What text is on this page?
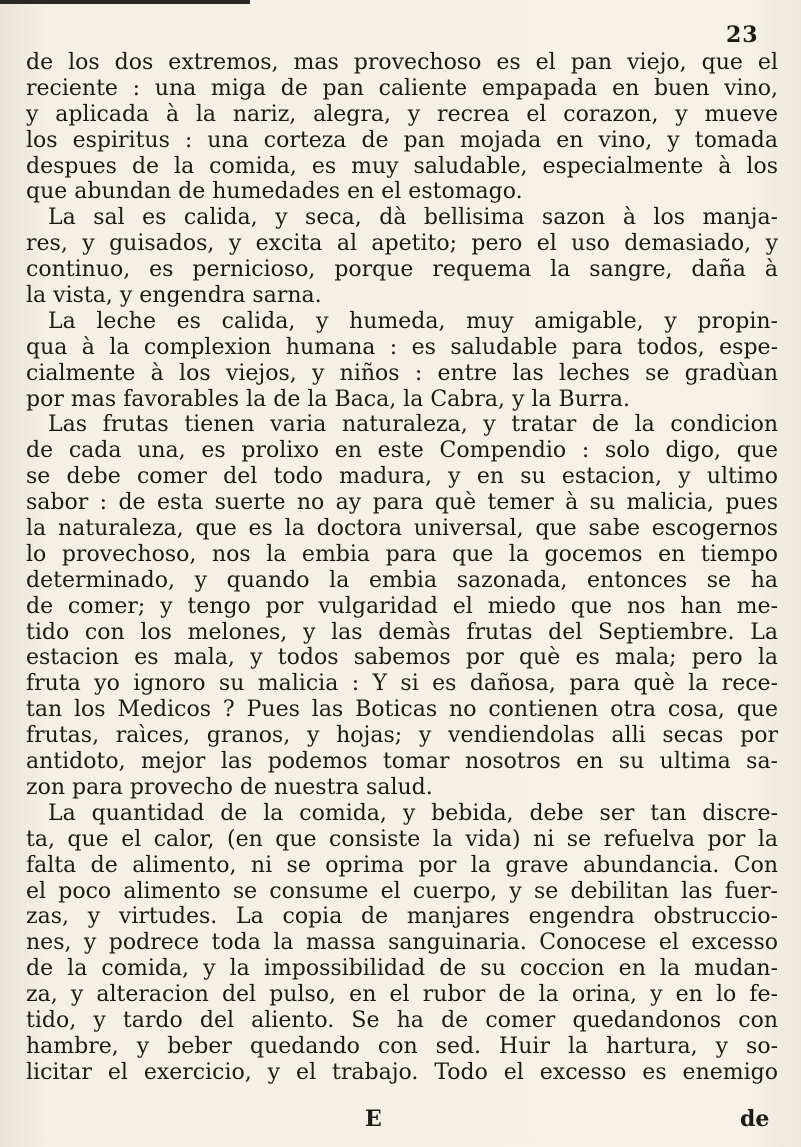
23
de los dos extremos, mas provechoso es el pan viejo, que el
reciente : una miga de pan caliente empapada en buen vino,
y aplicada à la nariz, alegra, y recrea el corazon, y mueve
los espiritus : una corteza de pan mojada en vino, y tomada
despues de la comida, es muy saludable, especialmente à los
que abundan de humedades en el estomago.
La sal es calida, y seca, dà bellisima sazon à los manja-
res, y guisados, y excita al apetito; pero el uso demasiado, y
continuo, es pernicioso, porque requema la sangre, daña à
la vista, y engendra sarna.
La leche es calida, y humeda, muy amigable, y propin-
qua à la complexion humana : es saludable para todos, espe-
cialmente à los viejos, y niños : entre las leches se gradùan
por mas favorables la de la Baca, la Cabra, y la Burra.
Las frutas tienen varia naturaleza, y tratar de la condicion
de cada una, es prolixo en este Compendio : solo digo, que
se debe comer del todo madura, y en su estacion, y ultimo
sabor : de esta suerte no ay para què temer à su malicia, pues
la naturaleza, que es la doctora universal, que sabe escogernos
lo provechoso, nos la embia para que la gocemos en tiempo
determinado, y quando la embia sazonada, entonces se ha
de comer; y tengo por vulgaridad el miedo que nos han me-
tido con los melones, y las demàs frutas del Septiembre. La
estacion es mala, y todos sabemos por què es mala; pero la
fruta yo ignoro su malicia : Y si es dañosa, para què la rece-
tan los Medicos ? Pues las Boticas no contienen otra cosa, que
frutas, raìces, granos, y hojas; y vendiendolas alli secas por
antidoto, mejor las podemos tomar nosotros en su ultima sa-
zon para provecho de nuestra salud.
La quantidad de la comida, y bebida, debe ser tan discre-
ta, que el calor, (en que consiste la vida) ni se refuelva por la
falta de alimento, ni se oprima por la grave abundancia. Con
el poco alimento se consume el cuerpo, y se debilitan las fuer-
zas, y virtudes. La copia de manjares engendra obstruccio-
nes, y podrece toda la massa sanguinaria. Conocese el excesso
de la comida, y la impossibilidad de su coccion en la mudan-
za, y alteracion del pulso, en el rubor de la orina, y en lo fe-
tido, y tardo del aliento. Se ha de comer quedandonos con
hambre, y beber quedando con sed. Huir la hartura, y so-
licitar el exercicio, y el trabajo. Todo el excesso es enemigo
E	de
